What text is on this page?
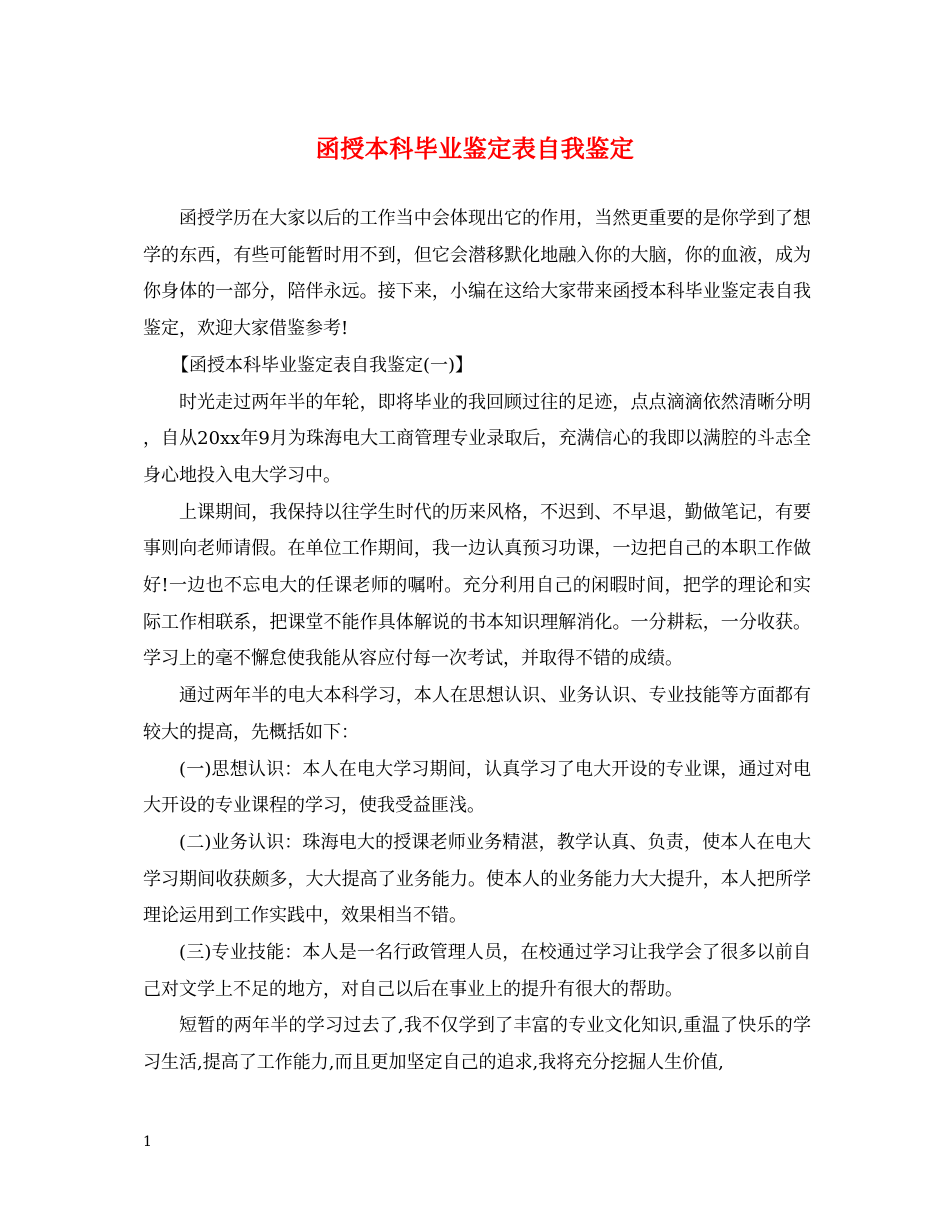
函授本科毕业鉴定表自我鉴定

函授学历在大家以后的工作当中会体现出它的作用，当然更重要的是你学到了想学的东西，有些可能暂时用不到，但它会潜移默化地融入你的大脑，你的血液，成为你身体的一部分，陪伴永远。接下来，小编在这给大家带来函授本科毕业鉴定表自我鉴定，欢迎大家借鉴参考!

【函授本科毕业鉴定表自我鉴定(一)】

时光走过两年半的年轮，即将毕业的我回顾过往的足迹，点点滴滴依然清晰分明 ，自从20xx年9月为珠海电大工商管理专业录取后，充满信心的我即以满腔的斗志全身心地投入电大学习中。

上课期间，我保持以往学生时代的历来风格，不迟到、不早退，勤做笔记，有要事则向老师请假。在单位工作期间，我一边认真预习功课，一边把自己的本职工作做好!一边也不忘电大的任课老师的嘱咐。充分利用自己的闲暇时间，把学的理论和实际工作相联系，把课堂不能作具体解说的书本知识理解消化。一分耕耘，一分收获。学习上的毫不懈怠使我能从容应付每一次考试，并取得不错的成绩。

通过两年半的电大本科学习，本人在思想认识、业务认识、专业技能等方面都有较大的提高，先概括如下：

(一)思想认识：本人在电大学习期间，认真学习了电大开设的专业课，通过对电大开设的专业课程的学习，使我受益匪浅。

(二)业务认识：珠海电大的授课老师业务精湛，教学认真、负责，使本人在电大学习期间收获颇多，大大提高了业务能力。使本人的业务能力大大提升，本人把所学理论运用到工作实践中，效果相当不错。

(三)专业技能：本人是一名行政管理人员，在校通过学习让我学会了很多以前自己对文学上不足的地方，对自己以后在事业上的提升有很大的帮助。

短暂的两年半的学习过去了,我不仅学到了丰富的专业文化知识,重温了快乐的学习生活,提高了工作能力,而且更加坚定自己的追求,我将充分挖掘人生价值,

1
